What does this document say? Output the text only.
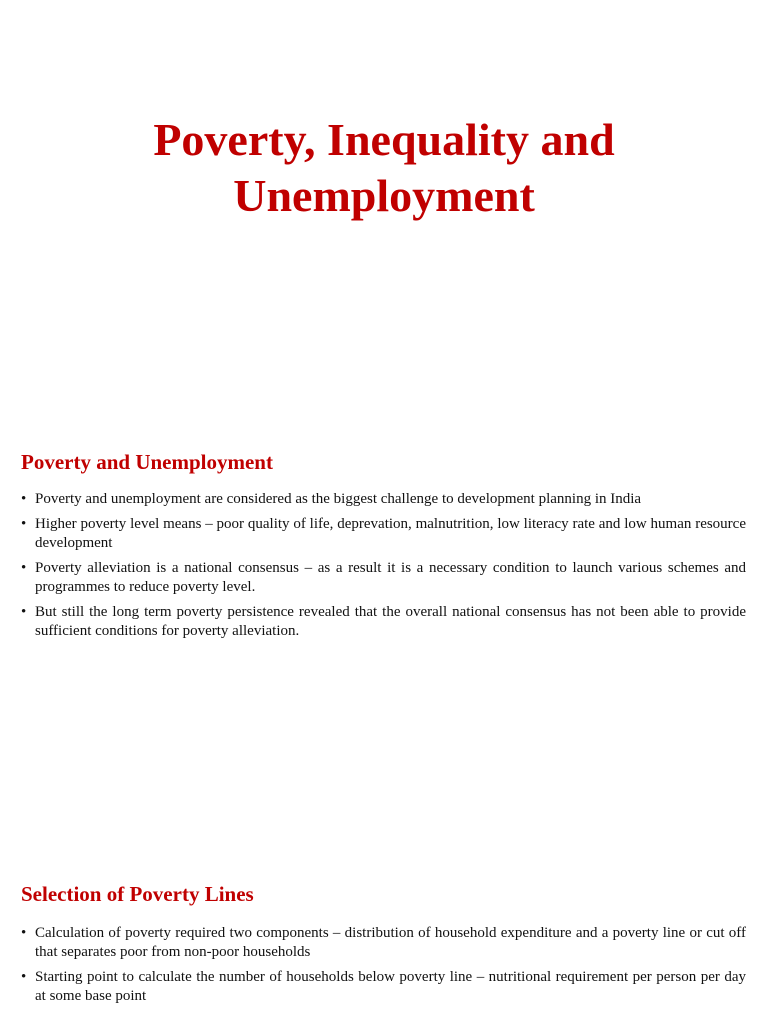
Poverty, Inequality and
Unemployment
Poverty and Unemployment
• Poverty and unemployment are considered as the biggest challenge to development planning in India
• Higher poverty level means – poor quality of life, deprevation, malnutrition, low literacy rate and low human resource development
• Poverty alleviation is a national consensus – as a result it is a necessary condition to launch various schemes and programmes to reduce poverty level.
• But still the long term poverty persistence revealed that the overall national consensus has not been able to provide sufficient conditions for poverty alleviation.
Selection of Poverty Lines
• Calculation of poverty required two components – distribution of household expenditure and a poverty line or cut off that separates poor from non-poor households
• Starting point to calculate the number of households below poverty line – nutritional requirement per person per day at some base point
